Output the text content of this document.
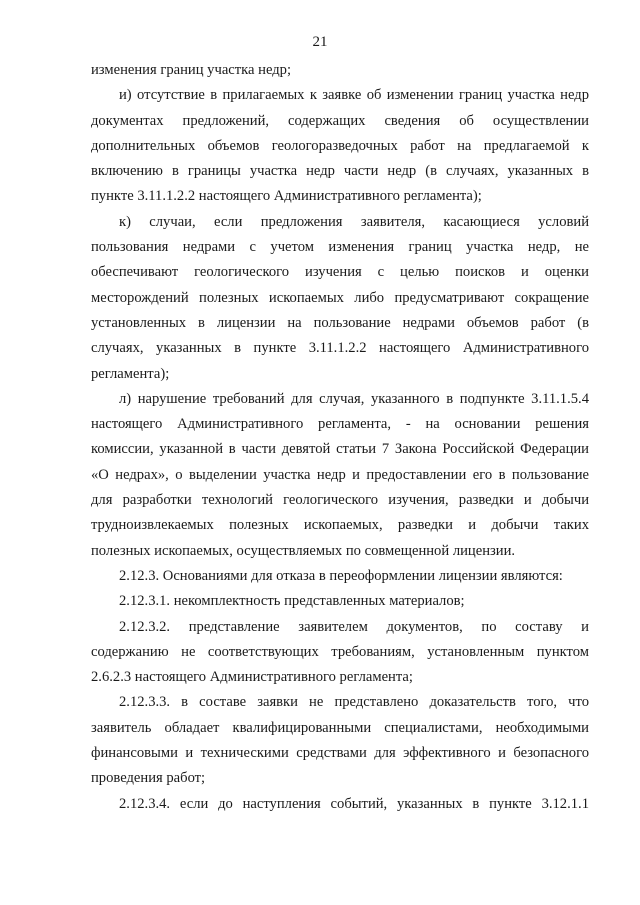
21
изменения границ участка недр;
и) отсутствие в прилагаемых к заявке об изменении границ участка недр
документах предложений, содержащих сведения об осуществлении
дополнительных объемов геологоразведочных работ на предлагаемой к
включению в границы участка недр части недр (в случаях, указанных в
пункте 3.11.1.2.2 настоящего Административного регламента);
к) случаи, если предложения заявителя, касающиеся условий
пользования недрами с учетом изменения границ участка недр, не
обеспечивают геологического изучения с целью поисков и оценки
месторождений полезных ископаемых либо предусматривают сокращение
установленных в лицензии на пользование недрами объемов работ (в
случаях, указанных в пункте 3.11.1.2.2 настоящего Административного
регламента);
л) нарушение требований для случая, указанного в подпункте 3.11.1.5.4
настоящего Административного регламента, - на основании решения
комиссии, указанной в части девятой статьи 7 Закона Российской Федерации
«О недрах», о выделении участка недр и предоставлении его в пользование
для разработки технологий геологического изучения, разведки и добычи
трудноизвлекаемых полезных ископаемых, разведки и добычи таких
полезных ископаемых, осуществляемых по совмещенной лицензии.
2.12.3. Основаниями для отказа в переоформлении лицензии являются:
2.12.3.1. некомплектность представленных материалов;
2.12.3.2. представление заявителем документов, по составу и
содержанию не соответствующих требованиям, установленным пунктом
2.6.2.3 настоящего Административного регламента;
2.12.3.3. в составе заявки не представлено доказательств того, что
заявитель обладает квалифицированными специалистами, необходимыми
финансовыми и техническими средствами для эффективного и безопасного
проведения работ;
2.12.3.4. если до наступления событий, указанных в пункте 3.12.1.1
